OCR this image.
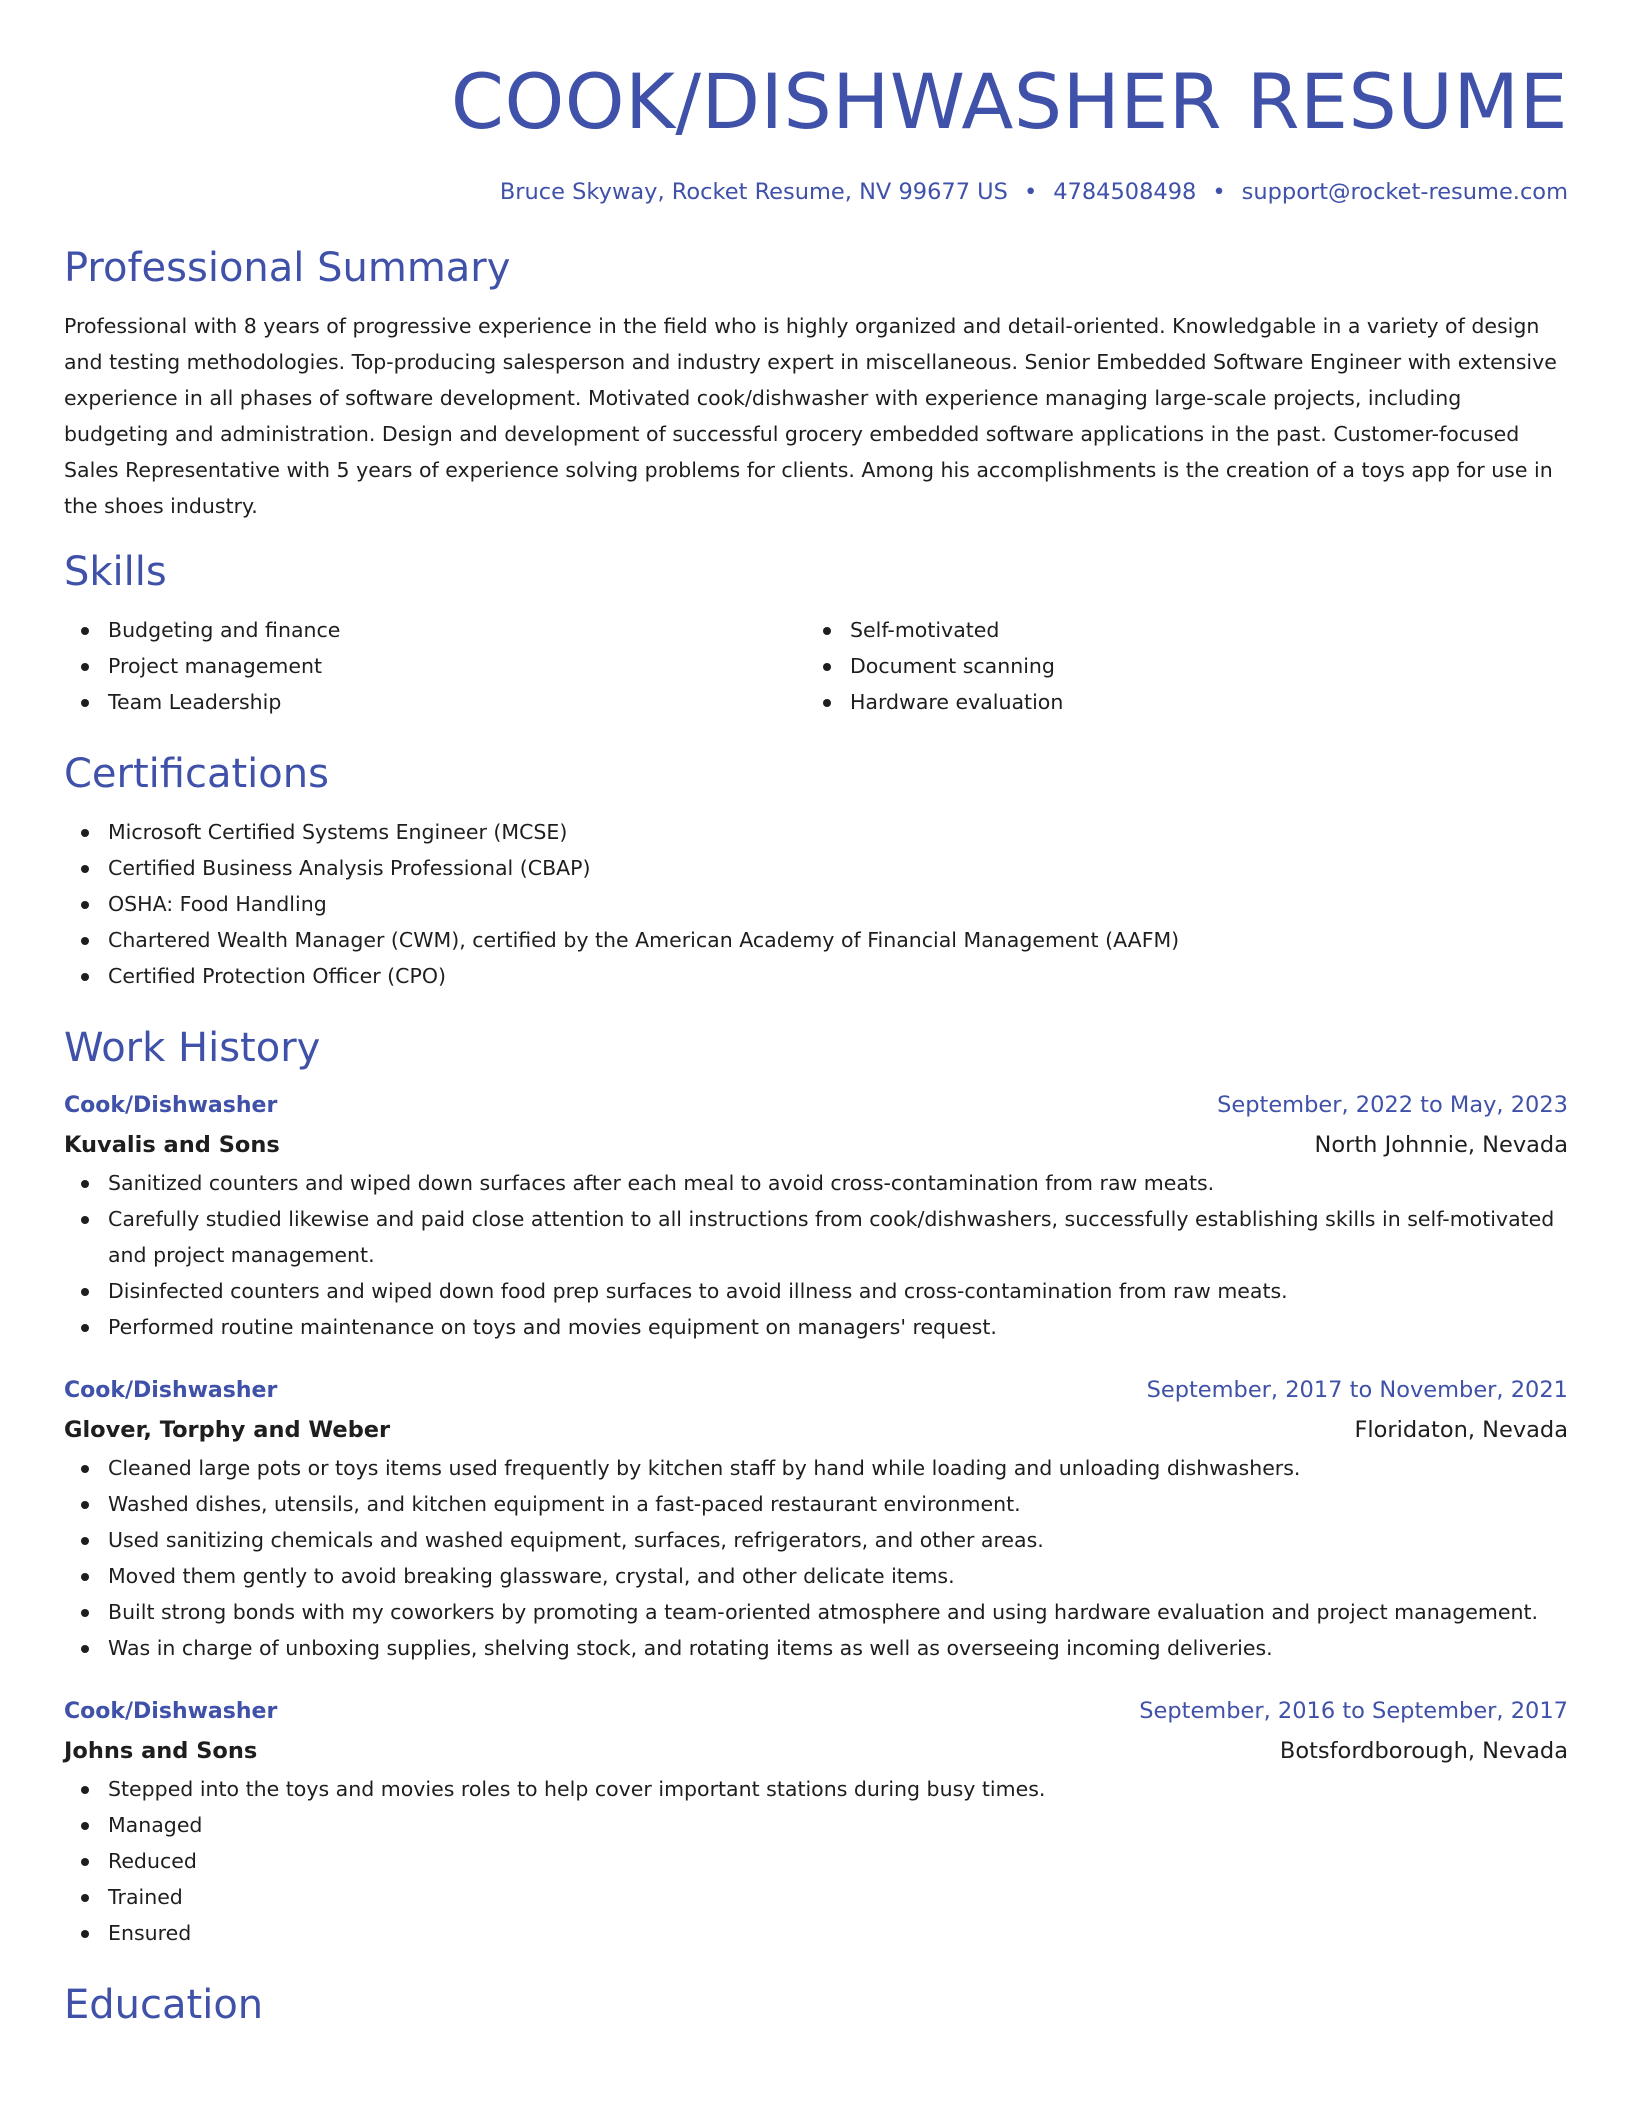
COOK/DISHWASHER RESUME
Bruce Skyway, Rocket Resume, NV 99677 US • 4784508498 • support@rocket-resume.com
Professional Summary

Professional with 8 years of progressive experience in the field who is highly organized and detail-oriented. Knowledgable in a variety of design and testing methodologies. Top-producing salesperson and industry expert in miscellaneous. Senior Embedded Software Engineer with extensive experience in all phases of software development. Motivated cook/dishwasher with experience managing large-scale projects, including budgeting and administration. Design and development of successful grocery embedded software applications in the past. Customer-focused Sales Representative with 5 years of experience solving problems for clients. Among his accomplishments is the creation of a toys app for use in the shoes industry.

Skills
Budgeting and finance
Project management
Team Leadership
Self-motivated
Document scanning
Hardware evaluation
Certifications
Microsoft Certified Systems Engineer (MCSE)
Certified Business Analysis Professional (CBAP)
OSHA: Food Handling
Chartered Wealth Manager (CWM), certified by the American Academy of Financial Management (AAFM)
Certified Protection Officer (CPO)
Work History
Cook/Dishwasher	September, 2022 to May, 2023
Kuvalis and Sons	North Johnnie, Nevada
Sanitized counters and wiped down surfaces after each meal to avoid cross-contamination from raw meats.
Carefully studied likewise and paid close attention to all instructions from cook/dishwashers, successfully establishing skills in self-motivated and project management.
Disinfected counters and wiped down food prep surfaces to avoid illness and cross-contamination from raw meats.
Performed routine maintenance on toys and movies equipment on managers' request.
Cook/Dishwasher	September, 2017 to November, 2021
Glover, Torphy and Weber	Floridaton, Nevada
Cleaned large pots or toys items used frequently by kitchen staff by hand while loading and unloading dishwashers.
Washed dishes, utensils, and kitchen equipment in a fast-paced restaurant environment.
Used sanitizing chemicals and washed equipment, surfaces, refrigerators, and other areas.
Moved them gently to avoid breaking glassware, crystal, and other delicate items.
Built strong bonds with my coworkers by promoting a team-oriented atmosphere and using hardware evaluation and project management.
Was in charge of unboxing supplies, shelving stock, and rotating items as well as overseeing incoming deliveries.
Cook/Dishwasher	September, 2016 to September, 2017
Johns and Sons	Botsfordborough, Nevada
Stepped into the toys and movies roles to help cover important stations during busy times.
Managed
Reduced
Trained
Ensured
Education
